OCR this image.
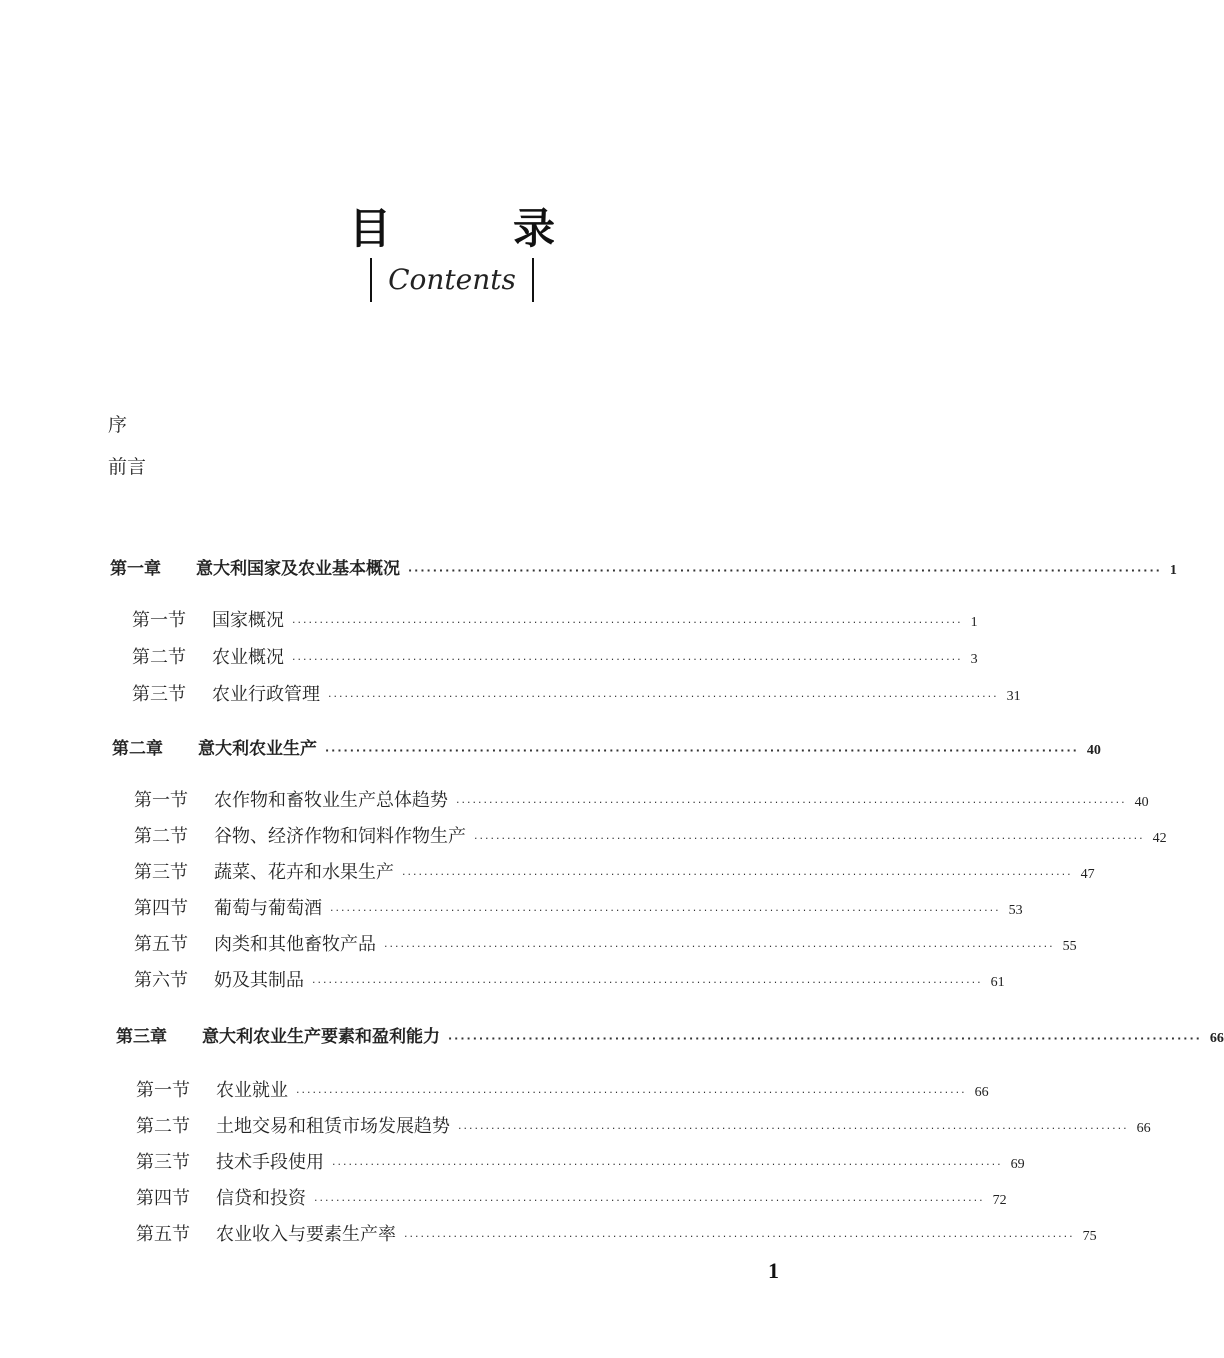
目　录
Contents
序
前言
第一章 意大利国家及农业基本概况 ·························································································································· 1
第一节 国家概况 ·························································································································· 1
第二节 农业概况 ·························································································································· 3
第三节 农业行政管理 ·························································································································· 31
第二章 意大利农业生产 ·························································································································· 40
第一节 农作物和畜牧业生产总体趋势 ·························································································································· 40
第二节 谷物、经济作物和饲料作物生产 ·························································································································· 42
第三节 蔬菜、花卉和水果生产 ·························································································································· 47
第四节 葡萄与葡萄酒 ·························································································································· 53
第五节 肉类和其他畜牧产品 ·························································································································· 55
第六节 奶及其制品 ·························································································································· 61
第三章 意大利农业生产要素和盈利能力 ·························································································································· 66
第一节 农业就业 ·························································································································· 66
第二节 土地交易和租赁市场发展趋势 ·························································································································· 66
第三节 技术手段使用 ·························································································································· 69
第四节 信贷和投资 ·························································································································· 72
第五节 农业收入与要素生产率 ·························································································································· 75
1
